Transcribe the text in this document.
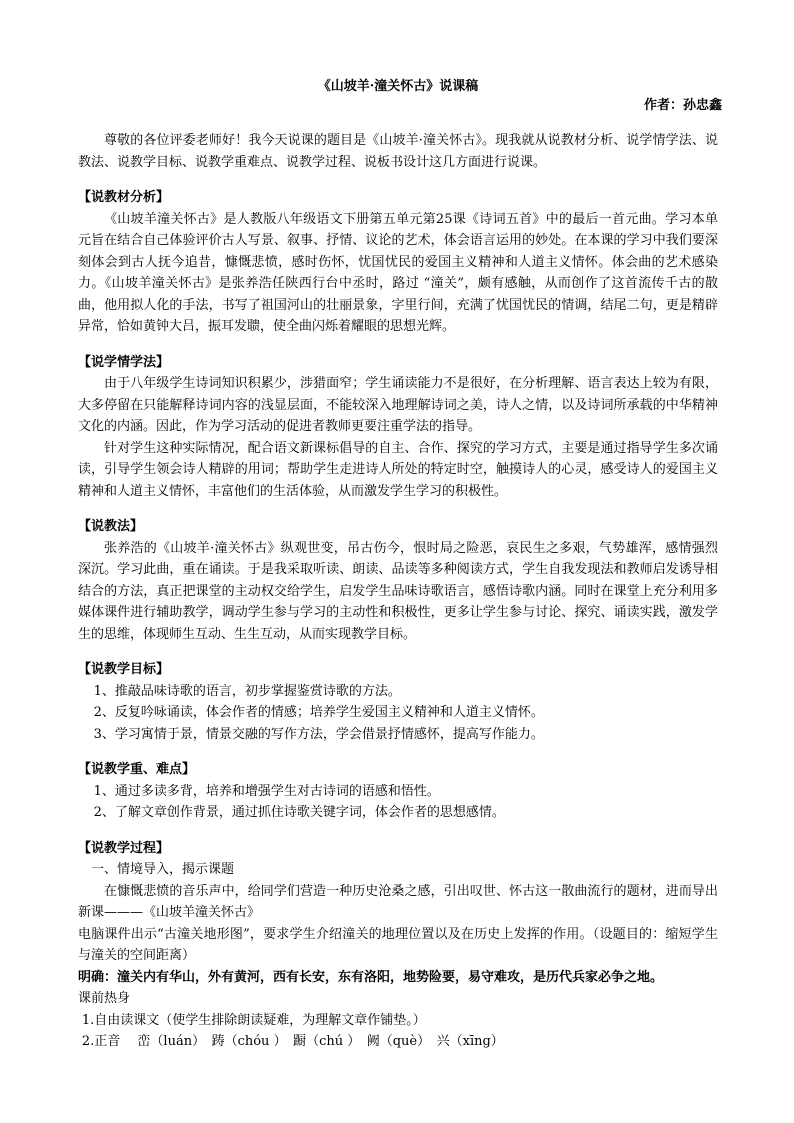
《山坡羊·潼关怀古》说课稿
作者：孙忠鑫

尊敬的各位评委老师好！我今天说课的题目是《山坡羊·潼关怀古》。现我就从说教材分析、说学情学法、说教法、说教学目标、说教学重难点、说教学过程、说板书设计这几方面进行说课。

【说教材分析】

《山坡羊潼关怀古》是人教版八年级语文下册第五单元第25课《诗词五首》中的最后一首元曲。学习本单元旨在结合自己体验评价古人写景、叙事、抒情、议论的艺术，体会语言运用的妙处。在本课的学习中我们要深刻体会到古人抚今追昔，慷慨悲愤，感时伤怀，忧国忧民的爱国主义精神和人道主义情怀。体会曲的艺术感染力。《山坡羊潼关怀古》是张养浩任陕西行台中丞时，路过 “潼关”，颇有感触，从而创作了这首流传千古的散曲，他用拟人化的手法，书写了祖国河山的壮丽景象，字里行间，充满了忧国忧民的情调，结尾二句，更是精辟异常，恰如黄钟大吕，振耳发聩，使全曲闪烁着耀眼的思想光辉。

【说学情学法】

由于八年级学生诗词知识积累少，涉猎面窄；学生诵读能力不是很好，在分析理解、语言表达上较为有限，大多停留在只能解释诗词内容的浅显层面，不能较深入地理解诗词之美，诗人之情，以及诗词所承载的中华精神文化的内涵。因此，作为学习活动的促进者教师更要注重学法的指导。

针对学生这种实际情况，配合语文新课标倡导的自主、合作、探究的学习方式，主要是通过指导学生多次诵读，引导学生领会诗人精辟的用词；帮助学生走进诗人所处的特定时空，触摸诗人的心灵，感受诗人的爱国主义精神和人道主义情怀，丰富他们的生活体验，从而激发学生学习的积极性。

【说教法】

张养浩的《山坡羊·潼关怀古》纵观世变，吊古伤今，恨时局之险恶，哀民生之多艰，气势雄浑，感情强烈深沉。学习此曲，重在诵读。于是我采取听读、朗读、品读等多种阅读方式，学生自我发现法和教师启发诱导相结合的方法，真正把课堂的主动权交给学生，启发学生品味诗歌语言，感悟诗歌内涵。同时在课堂上充分利用多媒体课件进行辅助教学，调动学生参与学习的主动性和积极性，更多让学生参与讨论、探究、诵读实践，激发学生的思维，体现师生互动、生生互动，从而实现教学目标。

【说教学目标】

1、推敲品味诗歌的语言，初步掌握鉴赏诗歌的方法。

2、反复吟咏诵读，体会作者的情感；培养学生爱国主义精神和人道主义情怀。

3、学习寓情于景，情景交融的写作方法，学会借景抒情感怀，提高写作能力。

【说教学重、难点】

1、通过多读多背，培养和增强学生对古诗词的语感和悟性。

2、了解文章创作背景，通过抓住诗歌关键字词，体会作者的思想感情。

【说教学过程】

一、情境导入，揭示课题

在慷慨悲愤的音乐声中，给同学们营造一种历史沧桑之感，引出叹世、怀古这一散曲流行的题材，进而导出新课———《山坡羊潼关怀古》

电脑课件出示“古潼关地形图”，要求学生介绍潼关的地理位置以及在历史上发挥的作用。（设题目的：缩短学生与潼关的空间距离）

明确：潼关内有华山，外有黄河，西有长安，东有洛阳，地势险要，易守难攻，是历代兵家必争之地。

课前热身

1.自由读课文（使学生排除朗读疑难，为理解文章作铺垫。）

2.正音　 峦（luán）　踌（chóu ）　蹰（chú ）　阙（què）　兴（xīng）
